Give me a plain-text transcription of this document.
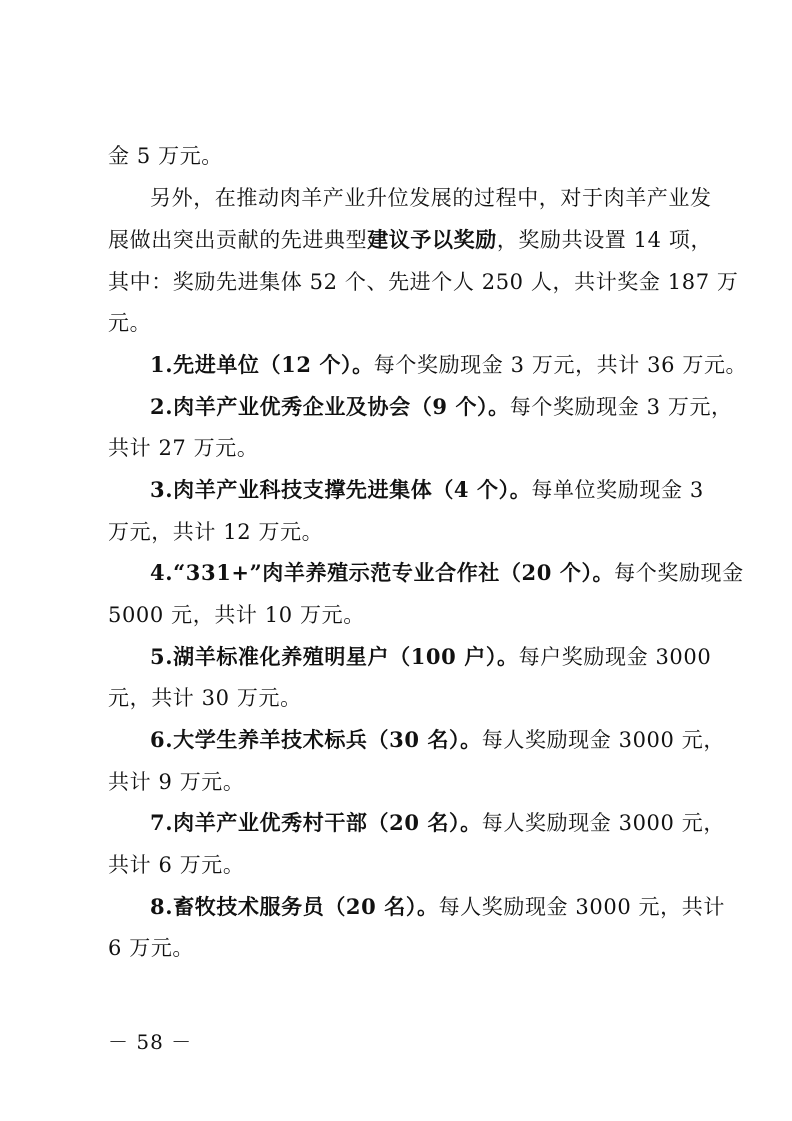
金 5 万元。
另外，在推动肉羊产业升位发展的过程中，对于肉羊产业发
展做出突出贡献的先进典型建议予以奖励，奖励共设置 14 项，
其中：奖励先进集体 52 个、先进个人 250 人，共计奖金 187 万
元。
1.先进单位（12 个）。每个奖励现金 3 万元，共计 36 万元。
2.肉羊产业优秀企业及协会（9 个）。每个奖励现金 3 万元，
共计 27 万元。
3.肉羊产业科技支撑先进集体（4 个）。每单位奖励现金 3
万元，共计 12 万元。
4.“331+”肉羊养殖示范专业合作社（20 个）。每个奖励现金
5000 元，共计 10 万元。
5.湖羊标准化养殖明星户（100 户）。每户奖励现金 3000
元，共计 30 万元。
6.大学生养羊技术标兵（30 名）。每人奖励现金 3000 元，
共计 9 万元。
7.肉羊产业优秀村干部（20 名）。每人奖励现金 3000 元，
共计 6 万元。
8.畜牧技术服务员（20 名）。每人奖励现金 3000 元，共计
6 万元。
－ 58 －
